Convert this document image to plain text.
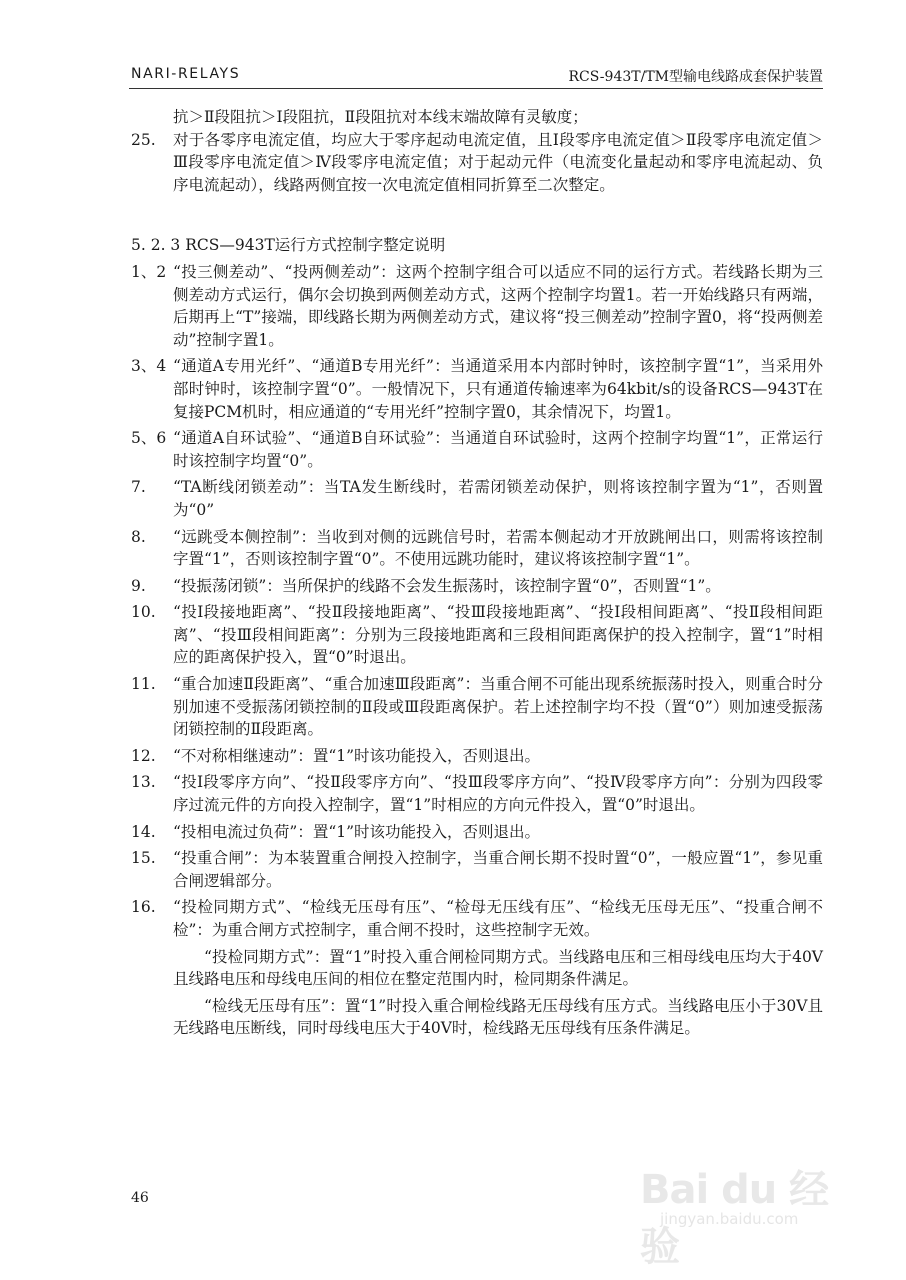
NARI-RELAYS	RCS-943T/TM型输电线路成套保护装置
抗＞Ⅱ段阻抗＞Ⅰ段阻抗，Ⅱ段阻抗对本线末端故障有灵敏度；
25.	对于各零序电流定值，均应大于零序起动电流定值，且Ⅰ段零序电流定值＞Ⅱ段零序电流定值＞Ⅲ段零序电流定值＞Ⅳ段零序电流定值；对于起动元件（电流变化量起动和零序电流起动、负序电流起动），线路两侧宜按一次电流定值相同折算至二次整定。
5. 2. 3 RCS—943T运行方式控制字整定说明
1、2 “投三侧差动”、“投两侧差动”：这两个控制字组合可以适应不同的运行方式。若线路长期为三侧差动方式运行，偶尔会切换到两侧差动方式，这两个控制字均置1。若一开始线路只有两端，后期再上“T”接端，即线路长期为两侧差动方式，建议将“投三侧差动”控制字置0，将“投两侧差动”控制字置1。
3、4 “通道A专用光纤”、“通道B专用光纤”：当通道采用本内部时钟时，该控制字置“1”，当采用外部时钟时，该控制字置“0”。一般情况下，只有通道传输速率为64kbit/s的设备RCS—943T在复接PCM机时，相应通道的“专用光纤”控制字置0，其余情况下，均置1。
5、6 “通道A自环试验”、“通道B自环试验”：当通道自环试验时，这两个控制字均置“1”，正常运行时该控制字均置“0”。
7.	“TA断线闭锁差动”：当TA发生断线时，若需闭锁差动保护，则将该控制字置为“1”，否则置为“0”
8.	“远跳受本侧控制”：当收到对侧的远跳信号时，若需本侧起动才开放跳闸出口，则需将该控制字置“1”，否则该控制字置“0”。不使用远跳功能时，建议将该控制字置“1”。
9.	“投振荡闭锁”：当所保护的线路不会发生振荡时，该控制字置“0”，否则置“1”。
10.	“投Ⅰ段接地距离”、“投Ⅱ段接地距离”、“投Ⅲ段接地距离”、“投Ⅰ段相间距离”、“投Ⅱ段相间距离”、“投Ⅲ段相间距离”：分别为三段接地距离和三段相间距离保护的投入控制字，置“1”时相应的距离保护投入，置“0”时退出。
11.	“重合加速Ⅱ段距离”、“重合加速Ⅲ段距离”：当重合闸不可能出现系统振荡时投入，则重合时分别加速不受振荡闭锁控制的Ⅱ段或Ⅲ段距离保护。若上述控制字均不投（置“0”）则加速受振荡闭锁控制的Ⅱ段距离。
12.	“不对称相继速动”：置“1”时该功能投入，否则退出。
13.	“投Ⅰ段零序方向”、“投Ⅱ段零序方向”、“投Ⅲ段零序方向”、“投Ⅳ段零序方向”：分别为四段零序过流元件的方向投入控制字，置“1”时相应的方向元件投入，置“0”时退出。
14.	“投相电流过负荷”：置“1”时该功能投入，否则退出。
15.	“投重合闸”：为本装置重合闸投入控制字，当重合闸长期不投时置“0”，一般应置“1”，参见重合闸逻辑部分。
16.	“投检同期方式”、“检线无压母有压”、“检母无压线有压”、“检线无压母无压”、“投重合闸不检”：为重合闸方式控制字，重合闸不投时，这些控制字无效。
“投检同期方式”：置“1”时投入重合闸检同期方式。当线路电压和三相母线电压均大于40V且线路电压和母线电压间的相位在整定范围内时，检同期条件满足。
“检线无压母有压”：置“1”时投入重合闸检线路无压母线有压方式。当线路电压小于30V且无线路电压断线，同时母线电压大于40V时，检线路无压母线有压条件满足。
46	Bai du 经验
jingyan.baidu.com
